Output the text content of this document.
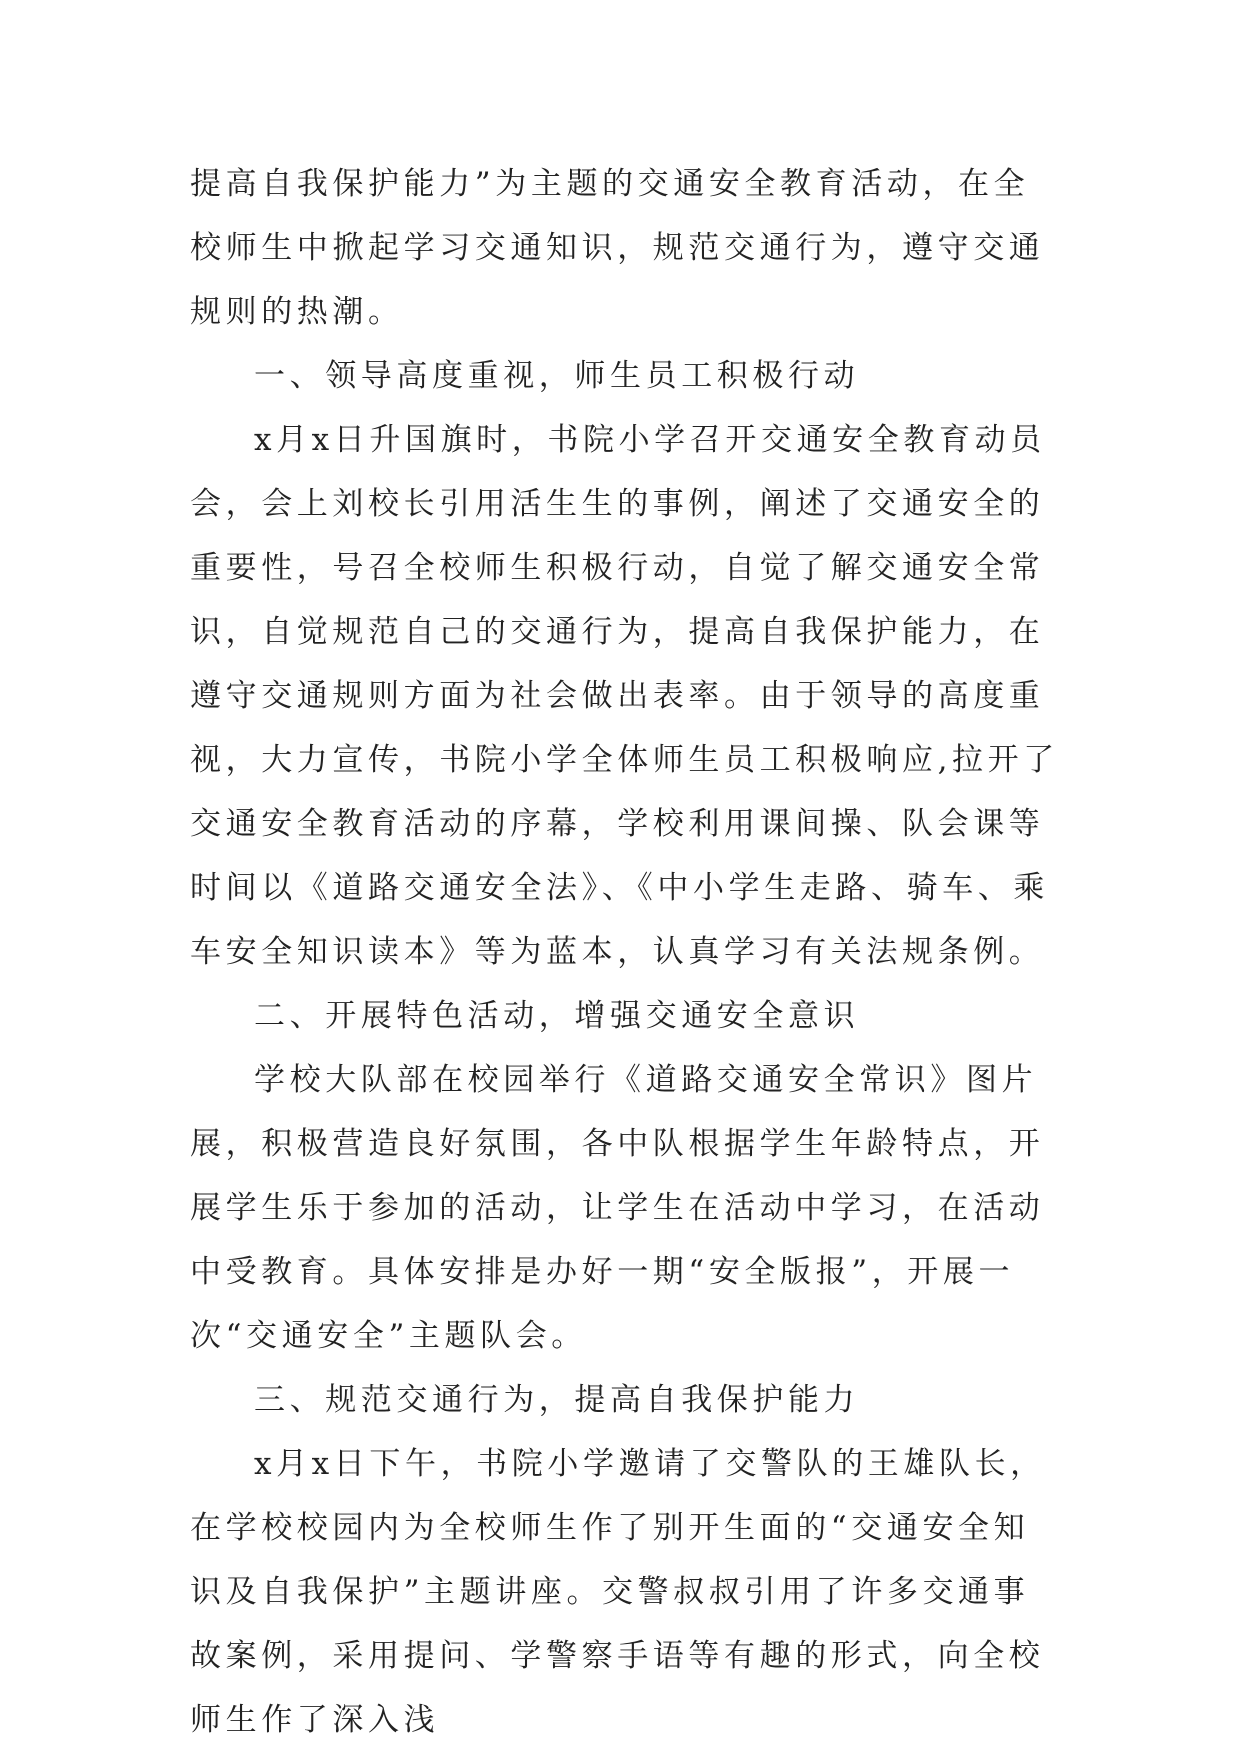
提高自我保护能力”为主题的交通安全教育活动，在全校师生中掀起学习交通知识，规范交通行为，遵守交通规则的热潮。

一、领导高度重视，师生员工积极行动

x月x日升国旗时，书院小学召开交通安全教育动员会，会上刘校长引用活生生的事例，阐述了交通安全的重要性，号召全校师生积极行动，自觉了解交通安全常识，自觉规范自己的交通行为，提高自我保护能力，在遵守交通规则方面为社会做出表率。由于领导的高度重视，大力宣传，书院小学全体师生员工积极响应,拉开了交通安全教育活动的序幕，学校利用课间操、队会课等时间以《道路交通安全法》、《中小学生走路、骑车、乘车安全知识读本》等为蓝本，认真学习有关法规条例。

二、开展特色活动，增强交通安全意识

学校大队部在校园举行《道路交通安全常识》图片展，积极营造良好氛围，各中队根据学生年龄特点，开展学生乐于参加的活动，让学生在活动中学习，在活动中受教育。具体安排是办好一期“安全版报”，开展一次“交通安全”主题队会。

三、规范交通行为，提高自我保护能力

x月x日下午，书院小学邀请了交警队的王雄队长，在学校校园内为全校师生作了别开生面的“交通安全知识及自我保护”主题讲座。交警叔叔引用了许多交通事故案例，采用提问、学警察手语等有趣的形式，向全校师生作了深入浅
